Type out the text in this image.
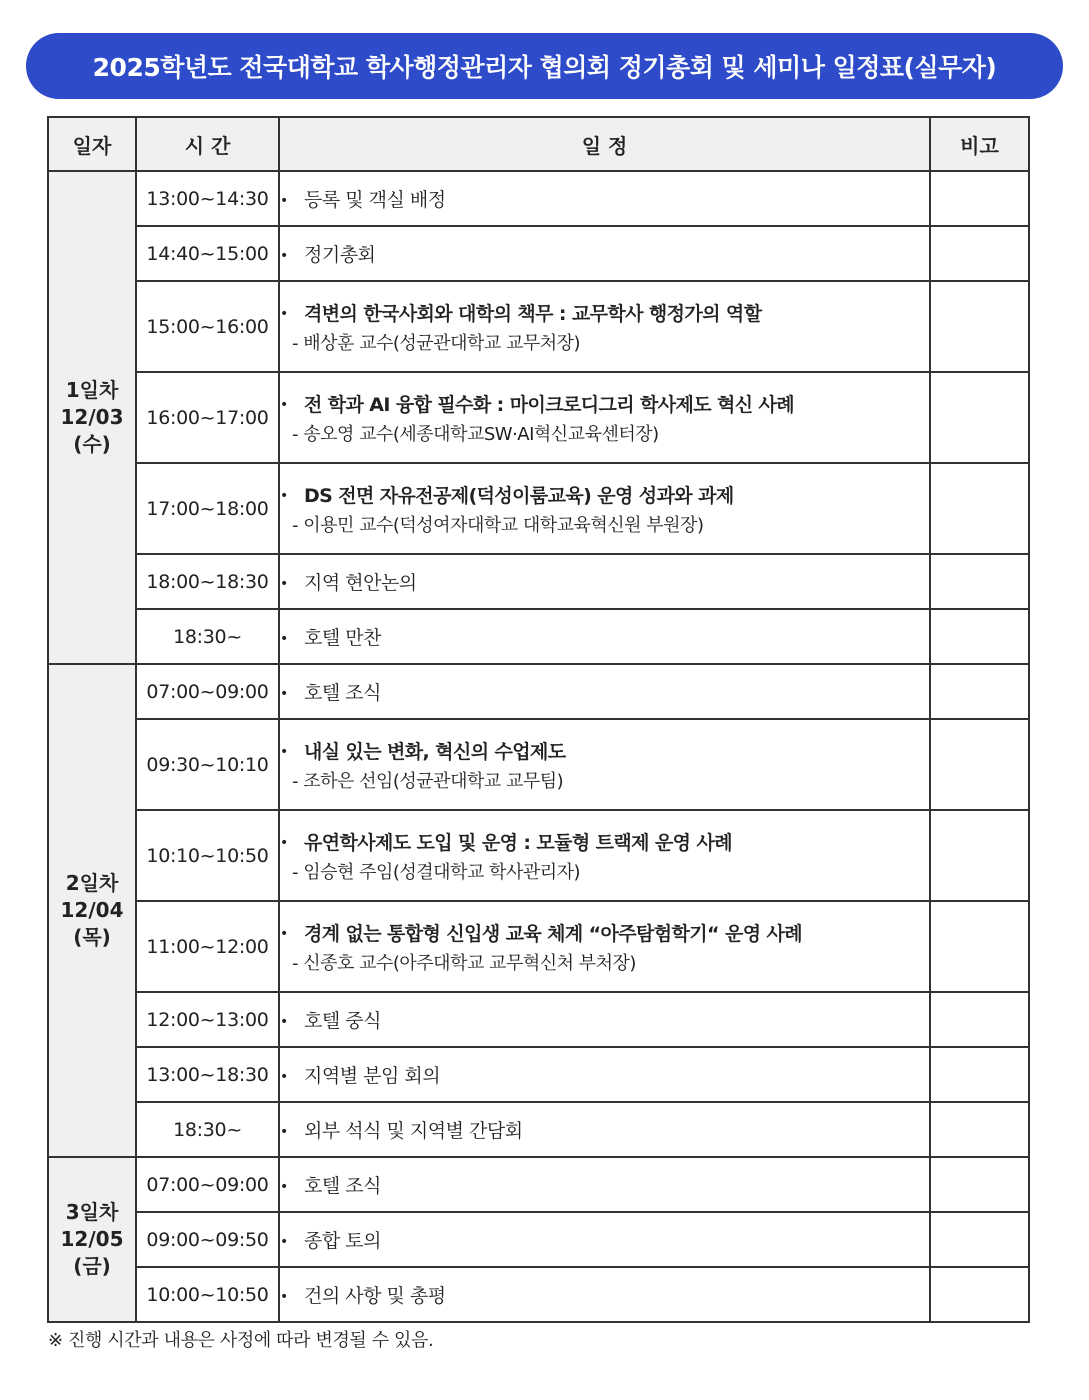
2025학년도 전국대학교 학사행정관리자 협의회 정기총회 및 세미나 일정표(실무자)
일자	시 간	일 정	비고

1일차
12/03
(수)	13:00~14:30	• 등록 및 객실 배정	
	14:40~15:00	• 정기총회	
	15:00~16:00	• 격변의 한국사회와 대학의 책무 : 교무학사 행정가의 역할
- 배상훈 교수(성균관대학교 교무처장)	

	16:00~17:00	• 전 학과 AI 융합 필수화 : 마이크로디그리 학사제도 혁신 사례
- 송오영 교수(세종대학교SW·AI혁신교육센터장)	

	17:00~18:00	• DS 전면 자유전공제(덕성이룸교육) 운영 성과와 과제
- 이용민 교수(덕성여자대학교 대학교육혁신원 부원장)	

	18:00~18:30	• 지역 현안논의	
	18:30~	• 호텔 만찬	

2일차
12/04
(목)	07:00~09:00	• 호텔 조식	
	09:30~10:10	• 내실 있는 변화, 혁신의 수업제도
- 조하은 선임(성균관대학교 교무팀)	

	10:10~10:50	• 유연학사제도 도입 및 운영 : 모듈형 트랙제 운영 사례
- 임승현 주임(성결대학교 학사관리자)	

	11:00~12:00	• 경계 없는 통합형 신입생 교육 체계 “아주탐험학기“ 운영 사례
- 신종호 교수(아주대학교 교무혁신처 부처장)	

	12:00~13:00	• 호텔 중식	
	13:00~18:30	• 지역별 분임 회의	
	18:30~	• 외부 석식 및 지역별 간담회	

3일차
12/05
(금)	07:00~09:00	• 호텔 조식	
	09:00~09:50	• 종합 토의	
	10:00~10:50	• 건의 사항 및 총평	
※ 진행 시간과 내용은 사정에 따라 변경될 수 있음.
